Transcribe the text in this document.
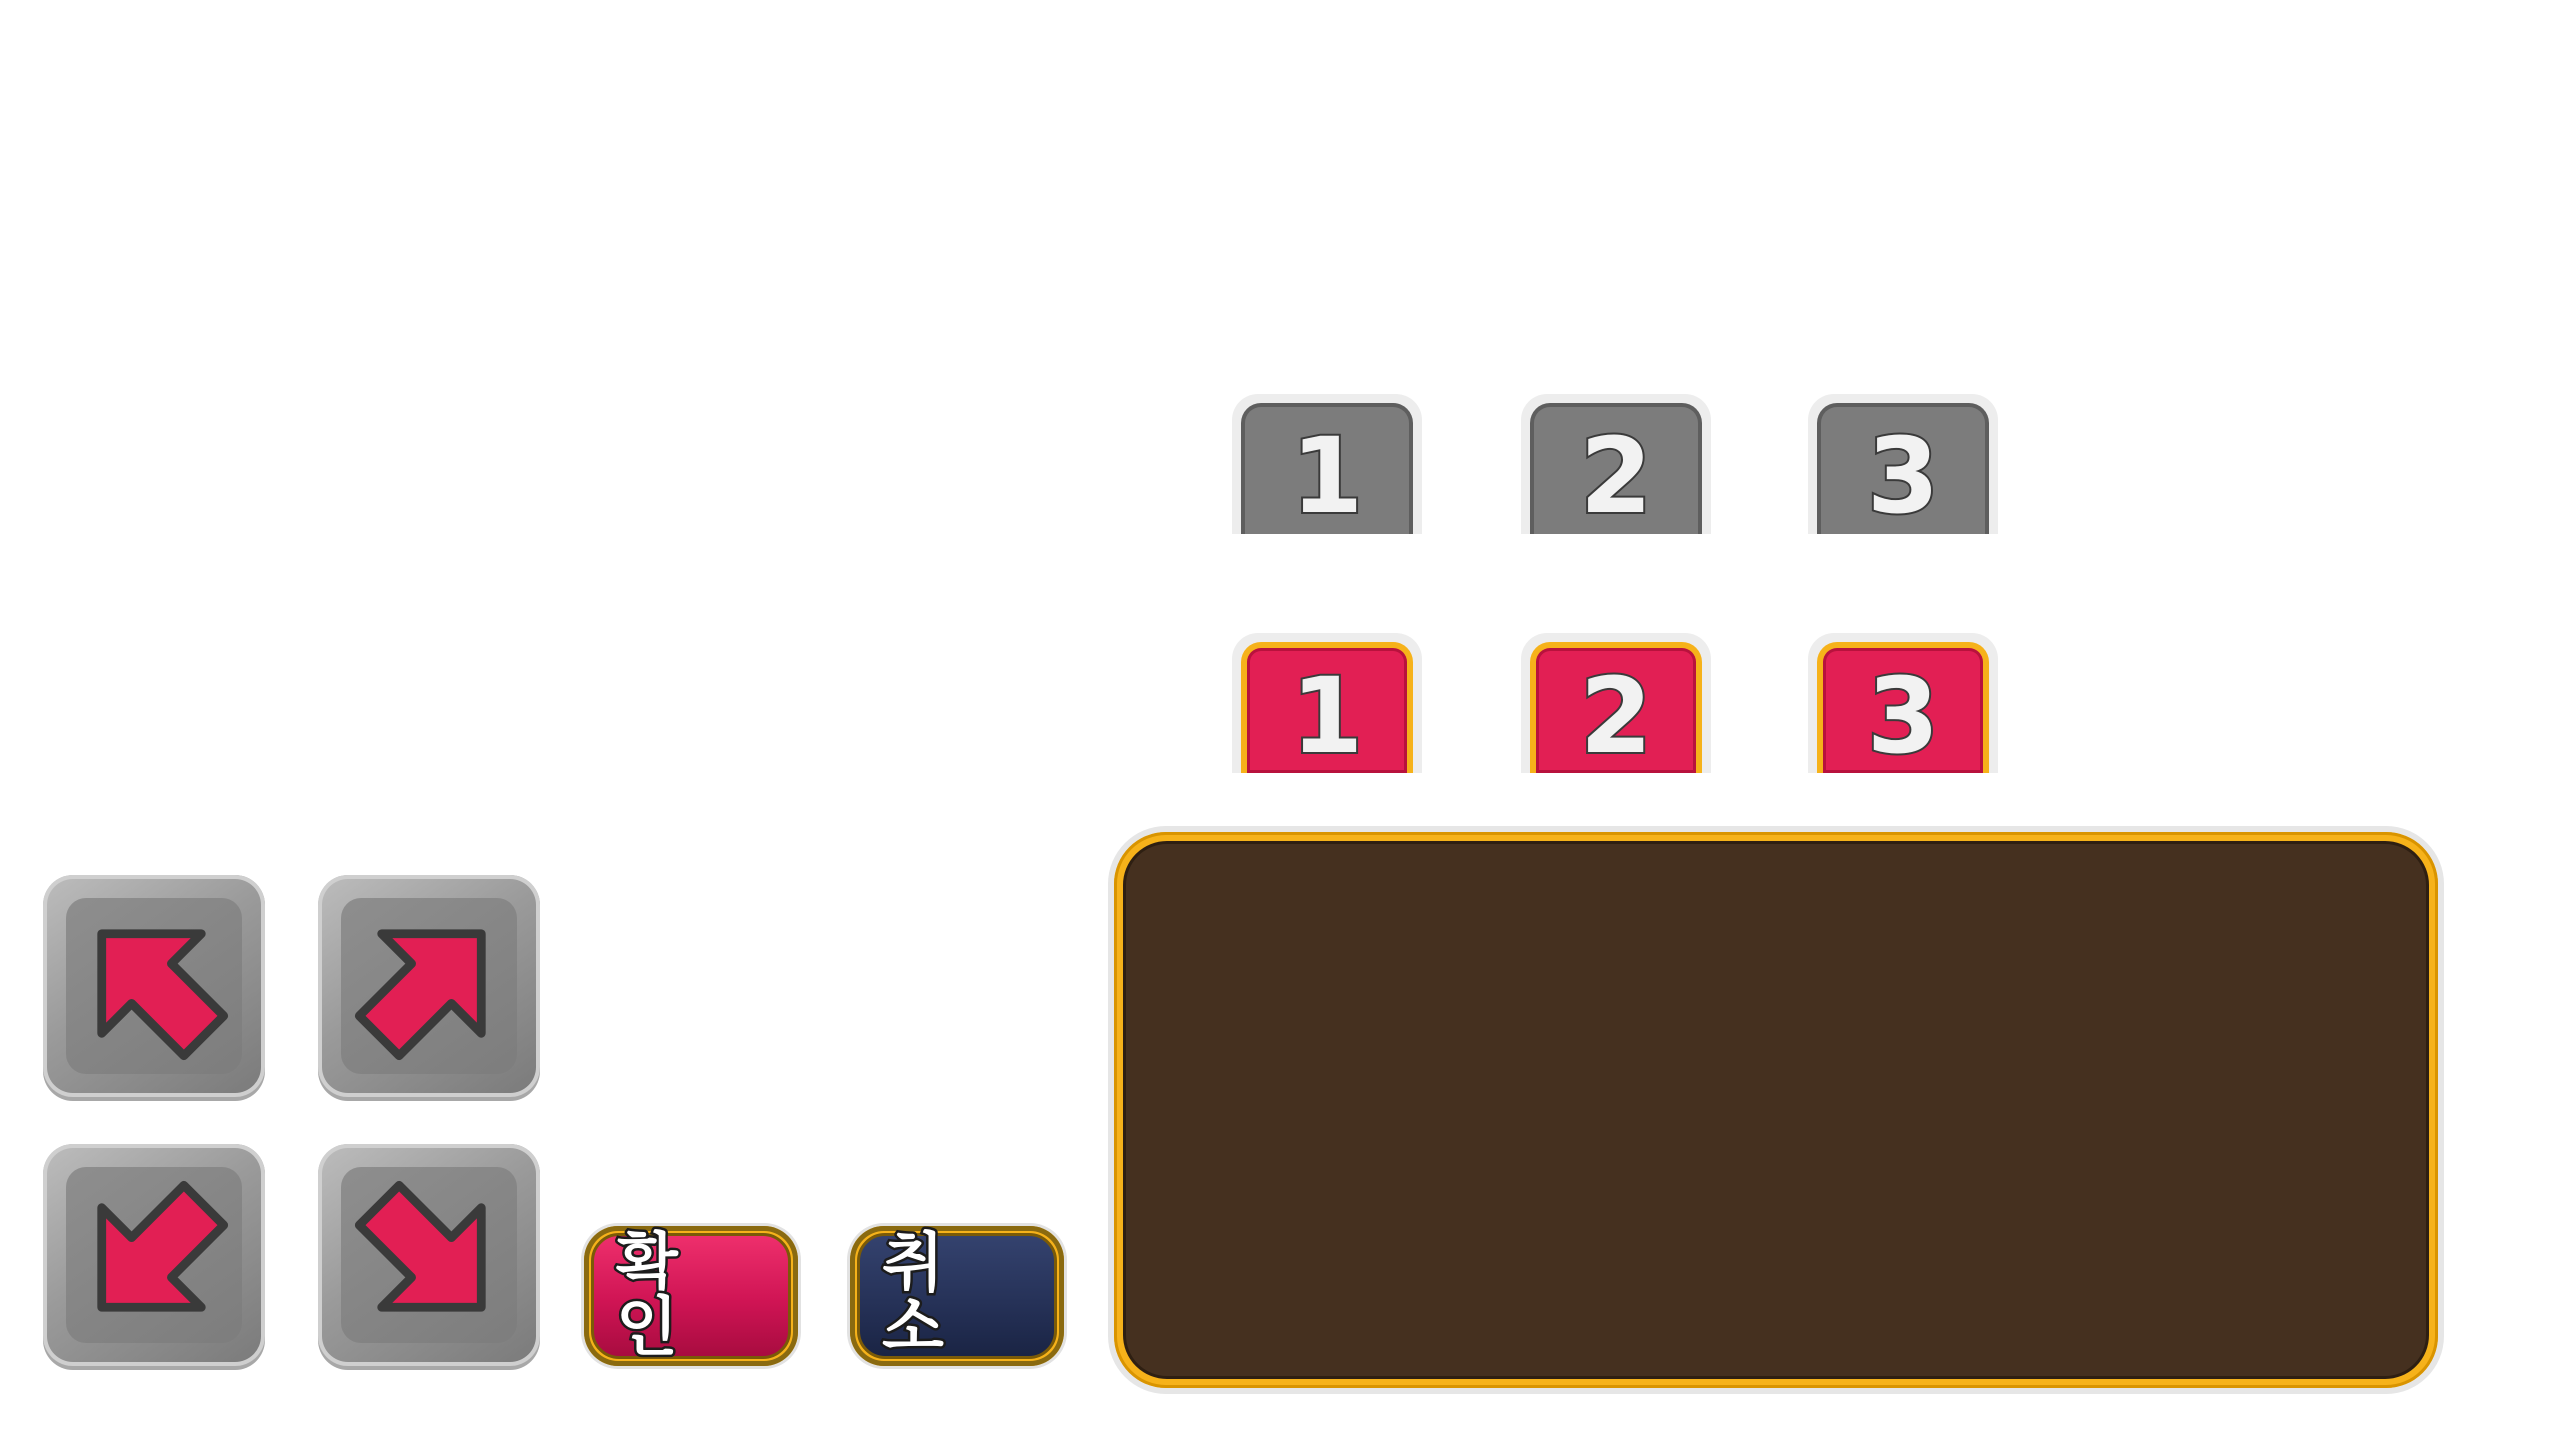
1 2 3
1 2 3
확 인
취 소
